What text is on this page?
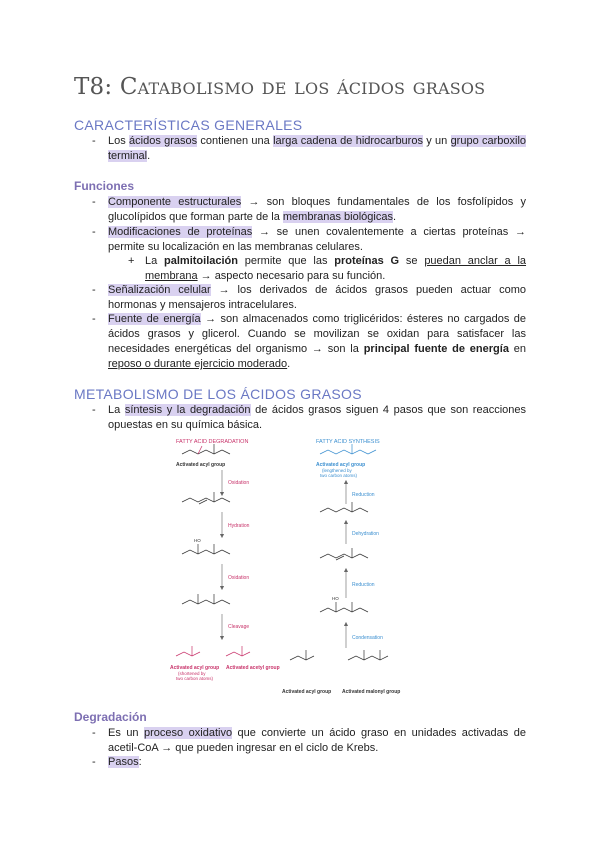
T8: Catabolismo de los ácidos grasos
CARACTERÍSTICAS GENERALES
- Los ácidos grasos contienen una larga cadena de hidrocarburos y un grupo carboxilo terminal.

Funciones
- Componente estructurales → son bloques fundamentales de los fosfolípidos y glucolípidos que forman parte de la membranas biológicas.

- Modificaciones de proteínas → se unen covalentemente a ciertas proteínas → permite su localización en las membranas celulares.

+ La palmitoilación permite que las proteínas G se puedan anclar a la membrana → aspecto necesario para su función.

- Señalización celular → los derivados de ácidos grasos pueden actuar como hormonas y mensajeros intracelulares.

- Fuente de energía → son almacenados como triglicéridos: ésteres no cargados de ácidos grasos y glicerol. Cuando se movilizan se oxidan para satisfacer las necesidades energéticas del organismo → son la principal fuente de energía en reposo o durante ejercicio moderado.

METABOLISMO DE LOS ÁCIDOS GRASOS
- La síntesis y la degradación de ácidos grasos siguen 4 pasos que son reacciones opuestas en su química básica.

FATTY ACID DEGRADATION	FATTY ACID SYNTHESIS
Activated acyl group
Oxidation
Hydration
HO
Oxidation
Cleavage
Activated acyl group
(shortened by
two carbon atoms)
Activated acetyl group
Activated acyl group
(lengthened by
two carbon atoms)
Reduction
Dehydration
Reduction
HO
Condensation
Activated acyl group Activated malonyl group
Degradación
- Es un proceso oxidativo que convierte un ácido graso en unidades activadas de acetil-CoA → que pueden ingresar en el ciclo de Krebs.

- Pasos:
